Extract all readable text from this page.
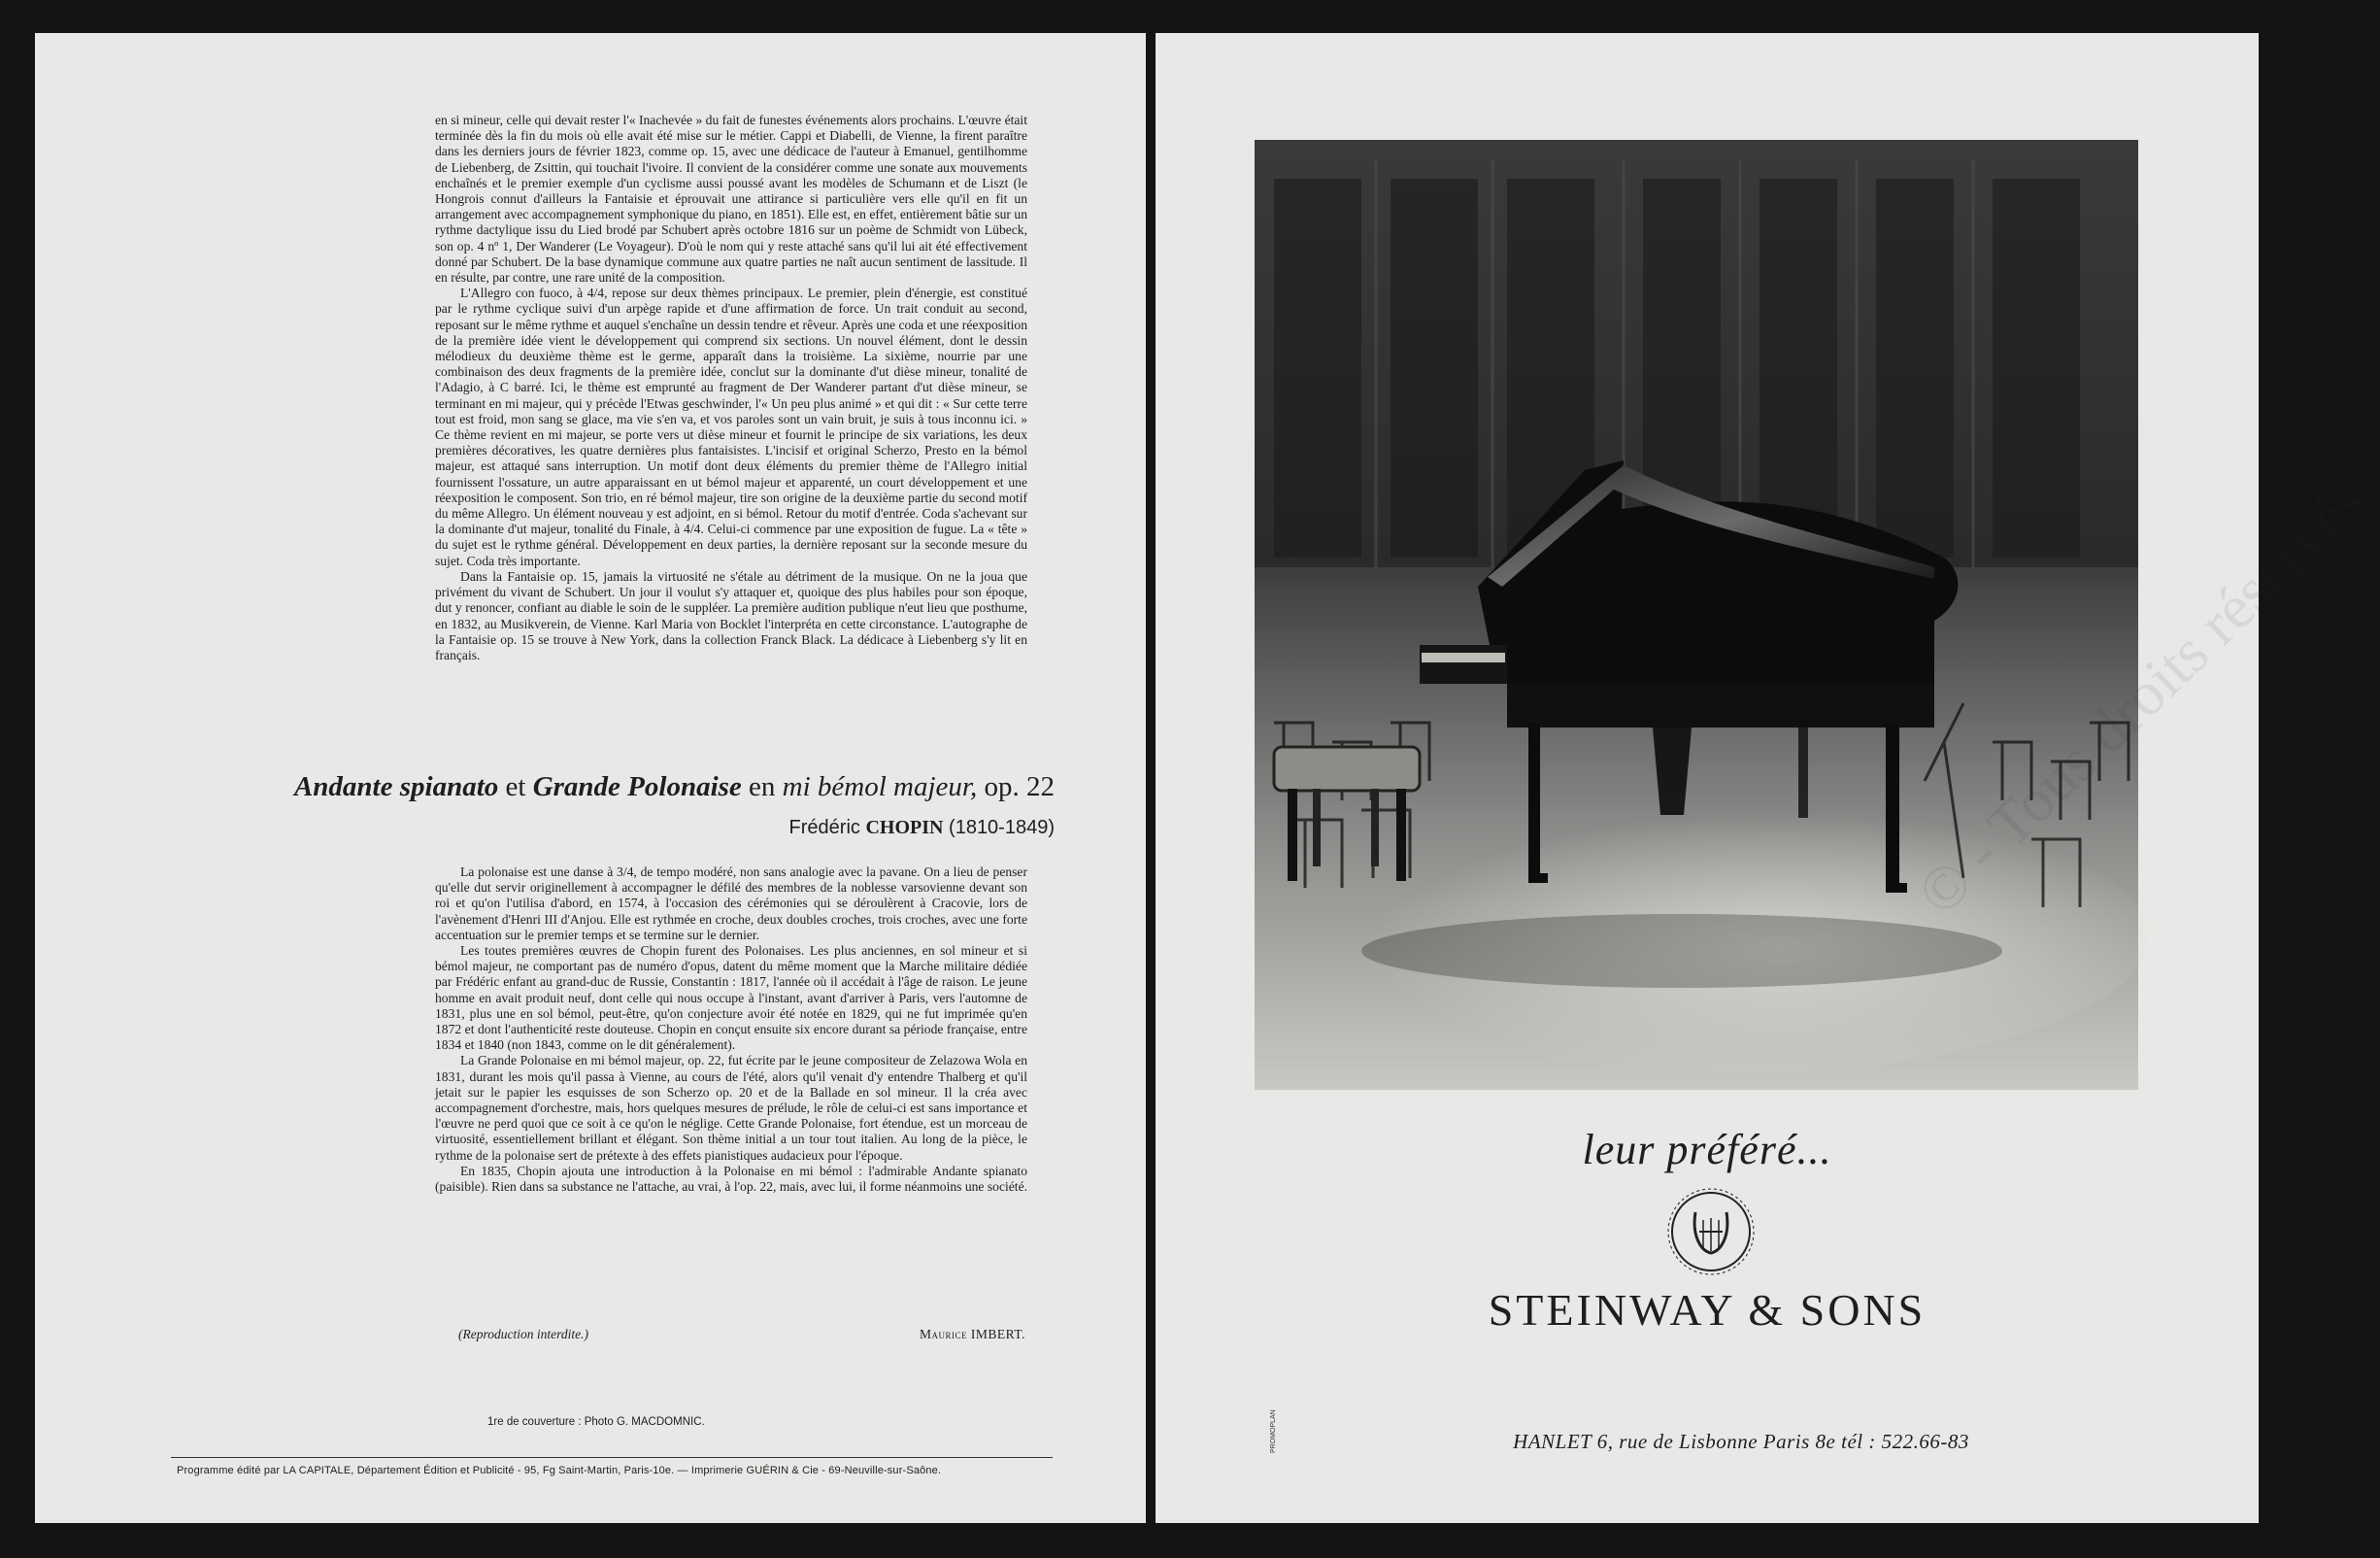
en si mineur, celle qui devait rester l'« Inachevée » du fait de funestes événements alors prochains. L'œuvre était terminée dès la fin du mois où elle avait été mise sur le métier. Cappi et Diabelli, de Vienne, la firent paraître dans les derniers jours de février 1823, comme op. 15, avec une dédicace de l'auteur à Emanuel, gentilhomme de Liebenberg, de Zsittin, qui touchait l'ivoire. Il convient de la considérer comme une sonate aux mouvements enchaînés et le premier exemple d'un cyclisme aussi poussé avant les modèles de Schumann et de Liszt (le Hongrois connut d'ailleurs la Fantaisie et éprouvait une attirance si particulière vers elle qu'il en fit un arrangement avec accompagnement symphonique du piano, en 1851). Elle est, en effet, entièrement bâtie sur un rythme dactylique issu du Lied brodé par Schubert après octobre 1816 sur un poème de Schmidt von Lübeck, son op. 4 nº 1, Der Wanderer (Le Voyageur). D'où le nom qui y reste attaché sans qu'il lui ait été effectivement donné par Schubert. De la base dynamique commune aux quatre parties ne naît aucun sentiment de lassitude. Il en résulte, par contre, une rare unité de la composition.

L'Allegro con fuoco, à 4/4, repose sur deux thèmes principaux. Le premier, plein d'énergie, est constitué par le rythme cyclique suivi d'un arpège rapide et d'une affirmation de force. Un trait conduit au second, reposant sur le même rythme et auquel s'enchaîne un dessin tendre et rêveur. Après une coda et une réexposition de la première idée vient le développement qui comprend six sections. Un nouvel élément, dont le dessin mélodieux du deuxième thème est le germe, apparaît dans la troisième. La sixième, nourrie par une combinaison des deux fragments de la première idée, conclut sur la dominante d'ut dièse mineur, tonalité de l'Adagio, à C barré. Ici, le thème est emprunté au fragment de Der Wanderer partant d'ut dièse mineur, se terminant en mi majeur, qui y précède l'Etwas geschwinder, l'« Un peu plus animé » et qui dit : « Sur cette terre tout est froid, mon sang se glace, ma vie s'en va, et vos paroles sont un vain bruit, je suis à tous inconnu ici. » Ce thème revient en mi majeur, se porte vers ut dièse mineur et fournit le principe de six variations, les deux premières décoratives, les quatre dernières plus fantaisistes. L'incisif et original Scherzo, Presto en la bémol majeur, est attaqué sans interruption. Un motif dont deux éléments du premier thème de l'Allegro initial fournissent l'ossature, un autre apparaissant en ut bémol majeur et apparenté, un court développement et une réexposition le composent. Son trio, en ré bémol majeur, tire son origine de la deuxième partie du second motif du même Allegro. Un élément nouveau y est adjoint, en si bémol. Retour du motif d'entrée. Coda s'achevant sur la dominante d'ut majeur, tonalité du Finale, à 4/4. Celui-ci commence par une exposition de fugue. La « tête » du sujet est le rythme général. Développement en deux parties, la dernière reposant sur la seconde mesure du sujet. Coda très importante.

Dans la Fantaisie op. 15, jamais la virtuosité ne s'étale au détriment de la musique. On ne la joua que privément du vivant de Schubert. Un jour il voulut s'y attaquer et, quoique des plus habiles pour son époque, dut y renoncer, confiant au diable le soin de le suppléer. La première audition publique n'eut lieu que posthume, en 1832, au Musikverein, de Vienne. Karl Maria von Bocklet l'interpréta en cette circonstance. L'autographe de la Fantaisie op. 15 se trouve à New York, dans la collection Franck Black. La dédicace à Liebenberg s'y lit en français.

Andante spianato et Grande Polonaise en mi bémol majeur, op. 22
Frédéric CHOPIN (1810-1849)

La polonaise est une danse à 3/4, de tempo modéré, non sans analogie avec la pavane. On a lieu de penser qu'elle dut servir originellement à accompagner le défilé des membres de la noblesse varsovienne devant son roi et qu'on l'utilisa d'abord, en 1574, à l'occasion des cérémonies qui se déroulèrent à Cracovie, lors de l'avènement d'Henri III d'Anjou. Elle est rythmée en croche, deux doubles croches, trois croches, avec une forte accentuation sur le premier temps et se termine sur le dernier.

Les toutes premières œuvres de Chopin furent des Polonaises. Les plus anciennes, en sol mineur et si bémol majeur, ne comportant pas de numéro d'opus, datent du même moment que la Marche militaire dédiée par Frédéric enfant au grand-duc de Russie, Constantin : 1817, l'année où il accédait à l'âge de raison. Le jeune homme en avait produit neuf, dont celle qui nous occupe à l'instant, avant d'arriver à Paris, vers l'automne de 1831, plus une en sol bémol, peut-être, qu'on conjecture avoir été notée en 1829, qui ne fut imprimée qu'en 1872 et dont l'authenticité reste douteuse. Chopin en conçut ensuite six encore durant sa période française, entre 1834 et 1840 (non 1843, comme on le dit généralement).

La Grande Polonaise en mi bémol majeur, op. 22, fut écrite par le jeune compositeur de Zelazowa Wola en 1831, durant les mois qu'il passa à Vienne, au cours de l'été, alors qu'il venait d'y entendre Thalberg et qu'il jetait sur le papier les esquisses de son Scherzo op. 20 et de la Ballade en sol mineur. Il la créa avec accompagnement d'orchestre, mais, hors quelques mesures de prélude, le rôle de celui-ci est sans importance et l'œuvre ne perd quoi que ce soit à ce qu'on le néglige. Cette Grande Polonaise, fort étendue, est un morceau de virtuosité, essentiellement brillant et élégant. Son thème initial a un tour tout italien. Au long de la pièce, le rythme de la polonaise sert de prétexte à des effets pianistiques audacieux pour l'époque.

En 1835, Chopin ajouta une introduction à la Polonaise en mi bémol : l'admirable Andante spianato (paisible). Rien dans sa substance ne l'attache, au vrai, à l'op. 22, mais, avec lui, il forme néanmoins une société.

(Reproduction interdite.)	Maurice IMBERT.
1re de couverture : Photo G. MACDOMNIC.
Programme édité par LA CAPITALE, Département Édition et Publicité - 95, Fg Saint-Martin, Paris-10e. — Imprimerie GUÉRIN & Cie - 69-Neuville-sur-Saône.
© - Tous droits réservés
leur préféré...
STEINWAY & SONS
PROMOPLAN	HANLET 6, rue de Lisbonne Paris 8e tél : 522.66-83
